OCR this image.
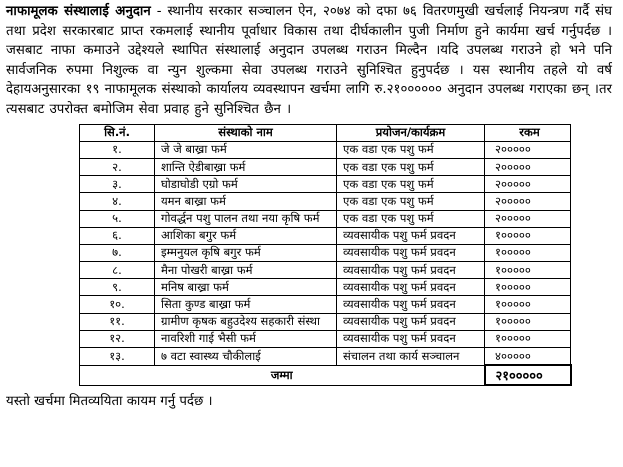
नाफामूलक संस्थालाई अनुदान - स्थानीय सरकार सञ्चालन ऐन, २०७४ को दफा ७६ वितरणमुखी खर्चलाई नियन्त्रण गर्दै संघ तथा प्रदेश सरकारबाट प्राप्त रकमलाई स्थानीय पूर्वाधार विकास तथा दीर्घकालीन पुजी निर्माण हुने कार्यमा खर्च गर्नुपर्दछ । जसबाट नाफा कमाउने उद्देश्यले स्थापित संस्थालाई अनुदान उपलब्ध गराउन मिल्दैन ।यदि उपलब्ध गराउने हो भने पनि सार्वजनिक रुपमा निशुल्क वा न्युन शुल्कमा सेवा उपलब्ध गराउने सुनिश्चित हुनुपर्दछ । यस स्थानीय तहले यो वर्ष देहायअनुसारका १९ नाफामूलक संस्थाको कार्यालय व्यवस्थापन खर्चमा लागि रु.२१०००००० अनुदान उपलब्ध गराएका छन् ।तर त्यसबाट उपरोक्त बमोजिम सेवा प्रवाह हुने सुनिश्चित छैन ।

सि.नं.	संस्थाको नाम	प्रयोजन/कार्यक्रम	रकम
१.	जे जे बाख्रा फर्म	एक वडा एक पशु फर्म	२०००००
२.	शान्ति ऐडीबाख्रा फर्म	एक वडा एक पशु फर्म	२०००००
३.	घोडाघोडी एग्रो फर्म	एक वडा एक पशु फर्म	२०००००
४.	यमन बाख्रा फर्म	एक वडा एक पशु फर्म	२०००००
५.	गोवर्द्धन पशु पालन तथा नया कृषि फर्म	एक वडा एक पशु फर्म	२०००००
६.	आशिका बगुर फर्म	व्यवसायीक पशु फर्म प्रवदन	१०००००
७.	इम्मनुयल कृषि बगुर फर्म	व्यवसायीक पशु फर्म प्रवदन	१०००००
८.	मैना पोखरी बाख्रा फर्म	व्यवसायीक पशु फर्म प्रवदन	१०००००
९.	मनिष बाख्रा फर्म	व्यवसायीक पशु फर्म प्रवदन	१०००००
१०.	सिता कुण्ड बाख्रा फर्म	व्यवसायीक पशु फर्म प्रवदन	१०००००
११.	ग्रामीण कृषक बहुउदेश्य सहकारी संस्था	व्यवसायीक पशु फर्म प्रवदन	१०००००
१२.	नावरिशी गाई भैसी फर्म	व्यवसायीक पशु फर्म प्रवदन	१०००००
१३.	७ वटा स्वास्थ्य चौकीलाई	संचालन तथा कार्य सञ्चालन	४०००००
जम्मा			२१०००००
यस्तो खर्चमा मितव्ययिता कायम गर्नु पर्दछ ।
